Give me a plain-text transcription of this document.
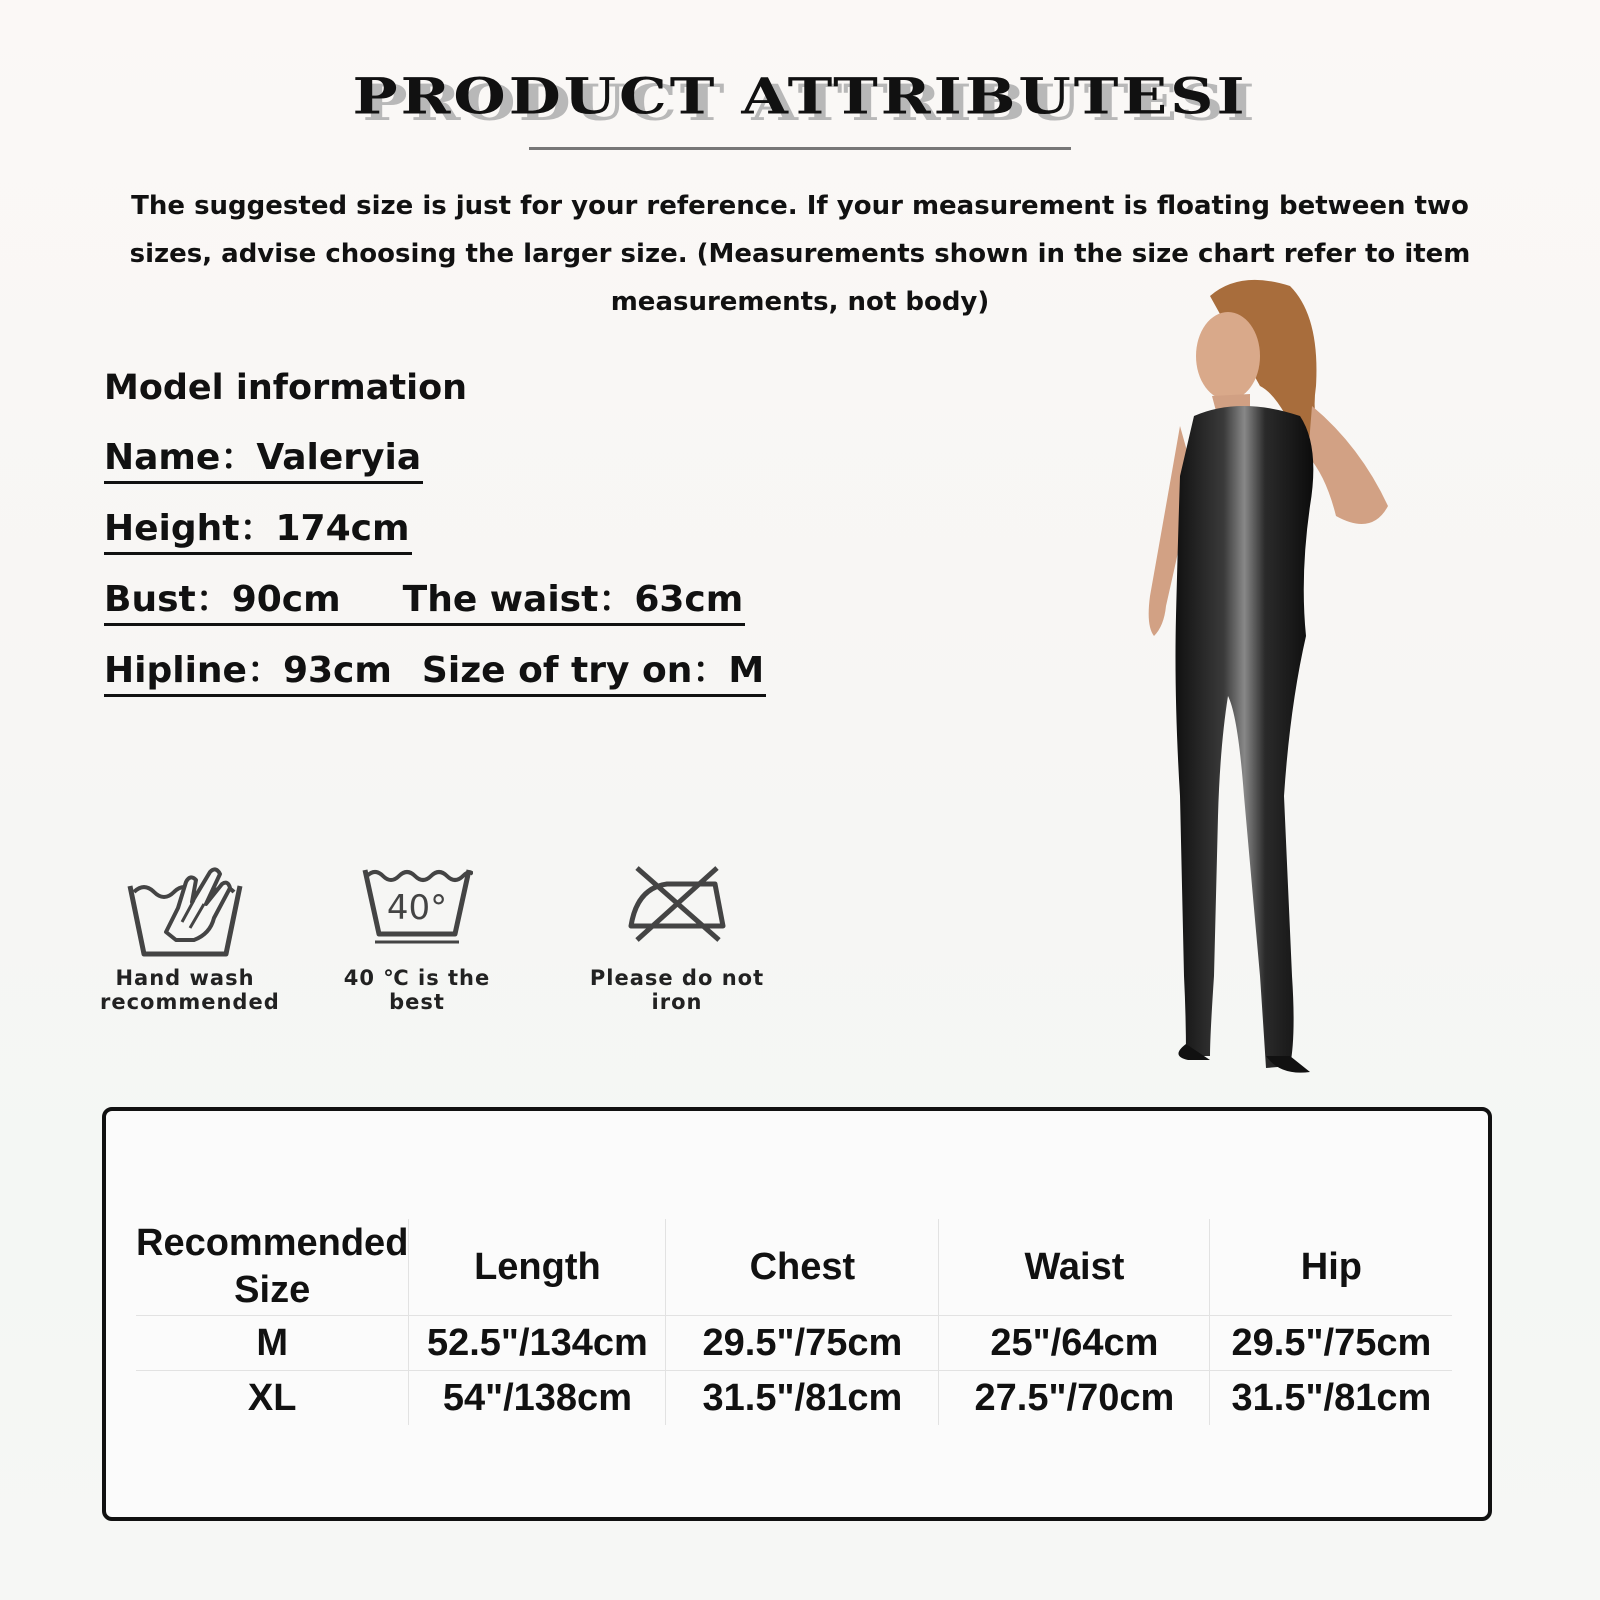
PRODUCT ATTRIBUTESI
The suggested size is just for your reference. If your measurement is floating between two sizes, advise choosing the larger size. (Measurements shown in the size chart refer to item measurements, not body)
Model information
Name：Valeryia
Height：174cm
Bust：90cm The waist：63cm
Hipline：93cm Size of try on：M
Hand wash recommended
40°
40 ℃ is the best
Please do not iron
Recommended Size	Length	Chest	Waist	Hip
M	52.5"/134cm	29.5"/75cm	25"/64cm	29.5"/75cm
XL	54"/138cm	31.5"/81cm	27.5"/70cm	31.5"/81cm
